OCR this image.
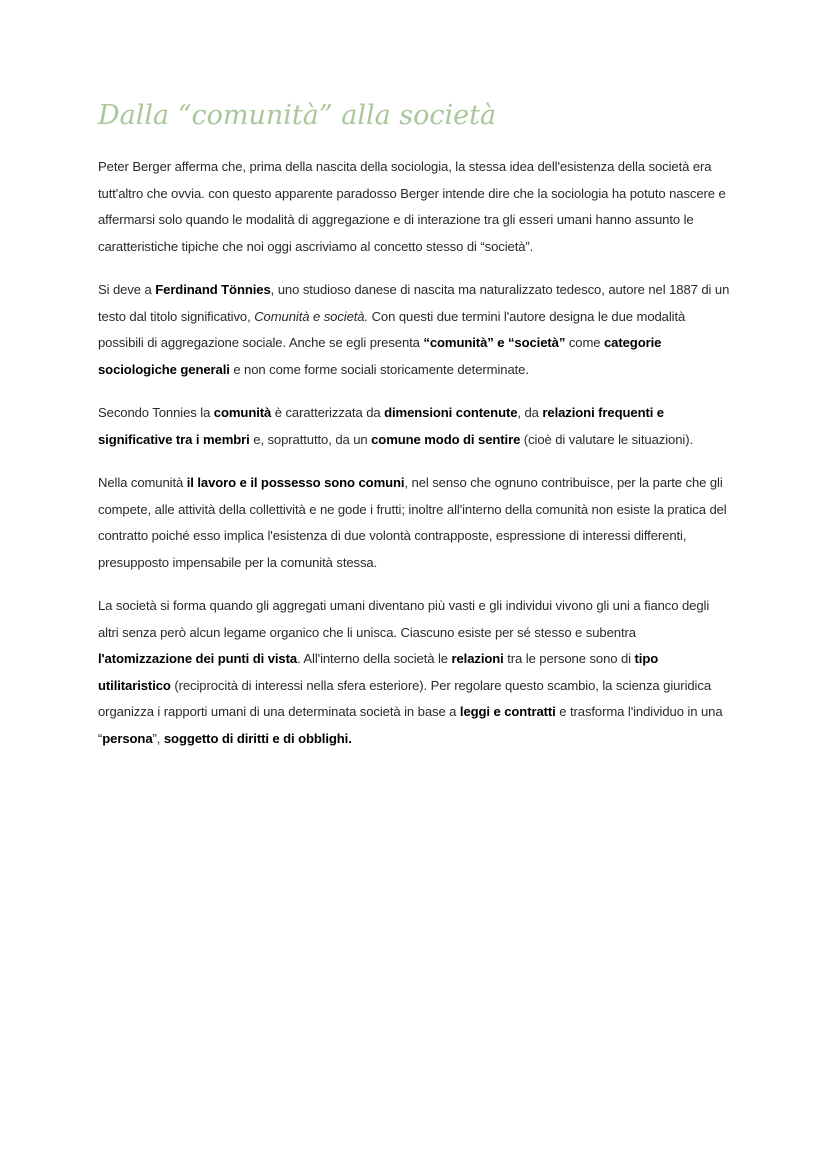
Dalla “comunità” alla società

Peter Berger afferma che, prima della nascita della sociologia, la stessa idea dell'esistenza della società era tutt'altro che ovvia. con questo apparente paradosso Berger intende dire che la sociologia ha potuto nascere e affermarsi solo quando le modalità di aggregazione e di interazione tra gli esseri umani hanno assunto le caratteristiche tipiche che noi oggi ascriviamo al concetto stesso di “società”.

Si deve a Ferdinand Tönnies, uno studioso danese di nascita ma naturalizzato tedesco, autore nel 1887 di un testo dal titolo significativo, Comunità e società. Con questi due termini l'autore designa le due modalità possibili di aggregazione sociale. Anche se egli presenta “comunità” e “società” come categorie sociologiche generali e non come forme sociali storicamente determinate.

Secondo Tonnies la comunità è caratterizzata da dimensioni contenute, da relazioni frequenti e significative tra i membri e, soprattutto, da un comune modo di sentire (cioè di valutare le situazioni).

Nella comunità il lavoro e il possesso sono comuni, nel senso che ognuno contribuisce, per la parte che gli compete, alle attività della collettività e ne gode i frutti; inoltre all'interno della comunità non esiste la pratica del contratto poiché esso implica l'esistenza di due volontà contrapposte, espressione di interessi differenti, presupposto impensabile per la comunità stessa.

La società si forma quando gli aggregati umani diventano più vasti e gli individui vivono gli uni a fianco degli altri senza però alcun legame organico che li unisca. Ciascuno esiste per sé stesso e subentra l'atomizzazione dei punti di vista. All'interno della società le relazioni tra le persone sono di tipo utilitaristico (reciprocità di interessi nella sfera esteriore). Per regolare questo scambio, la scienza giuridica organizza i rapporti umani di una determinata società in base a leggi e contratti e trasforma l'individuo in una “persona”, soggetto di diritti e di obblighi.
